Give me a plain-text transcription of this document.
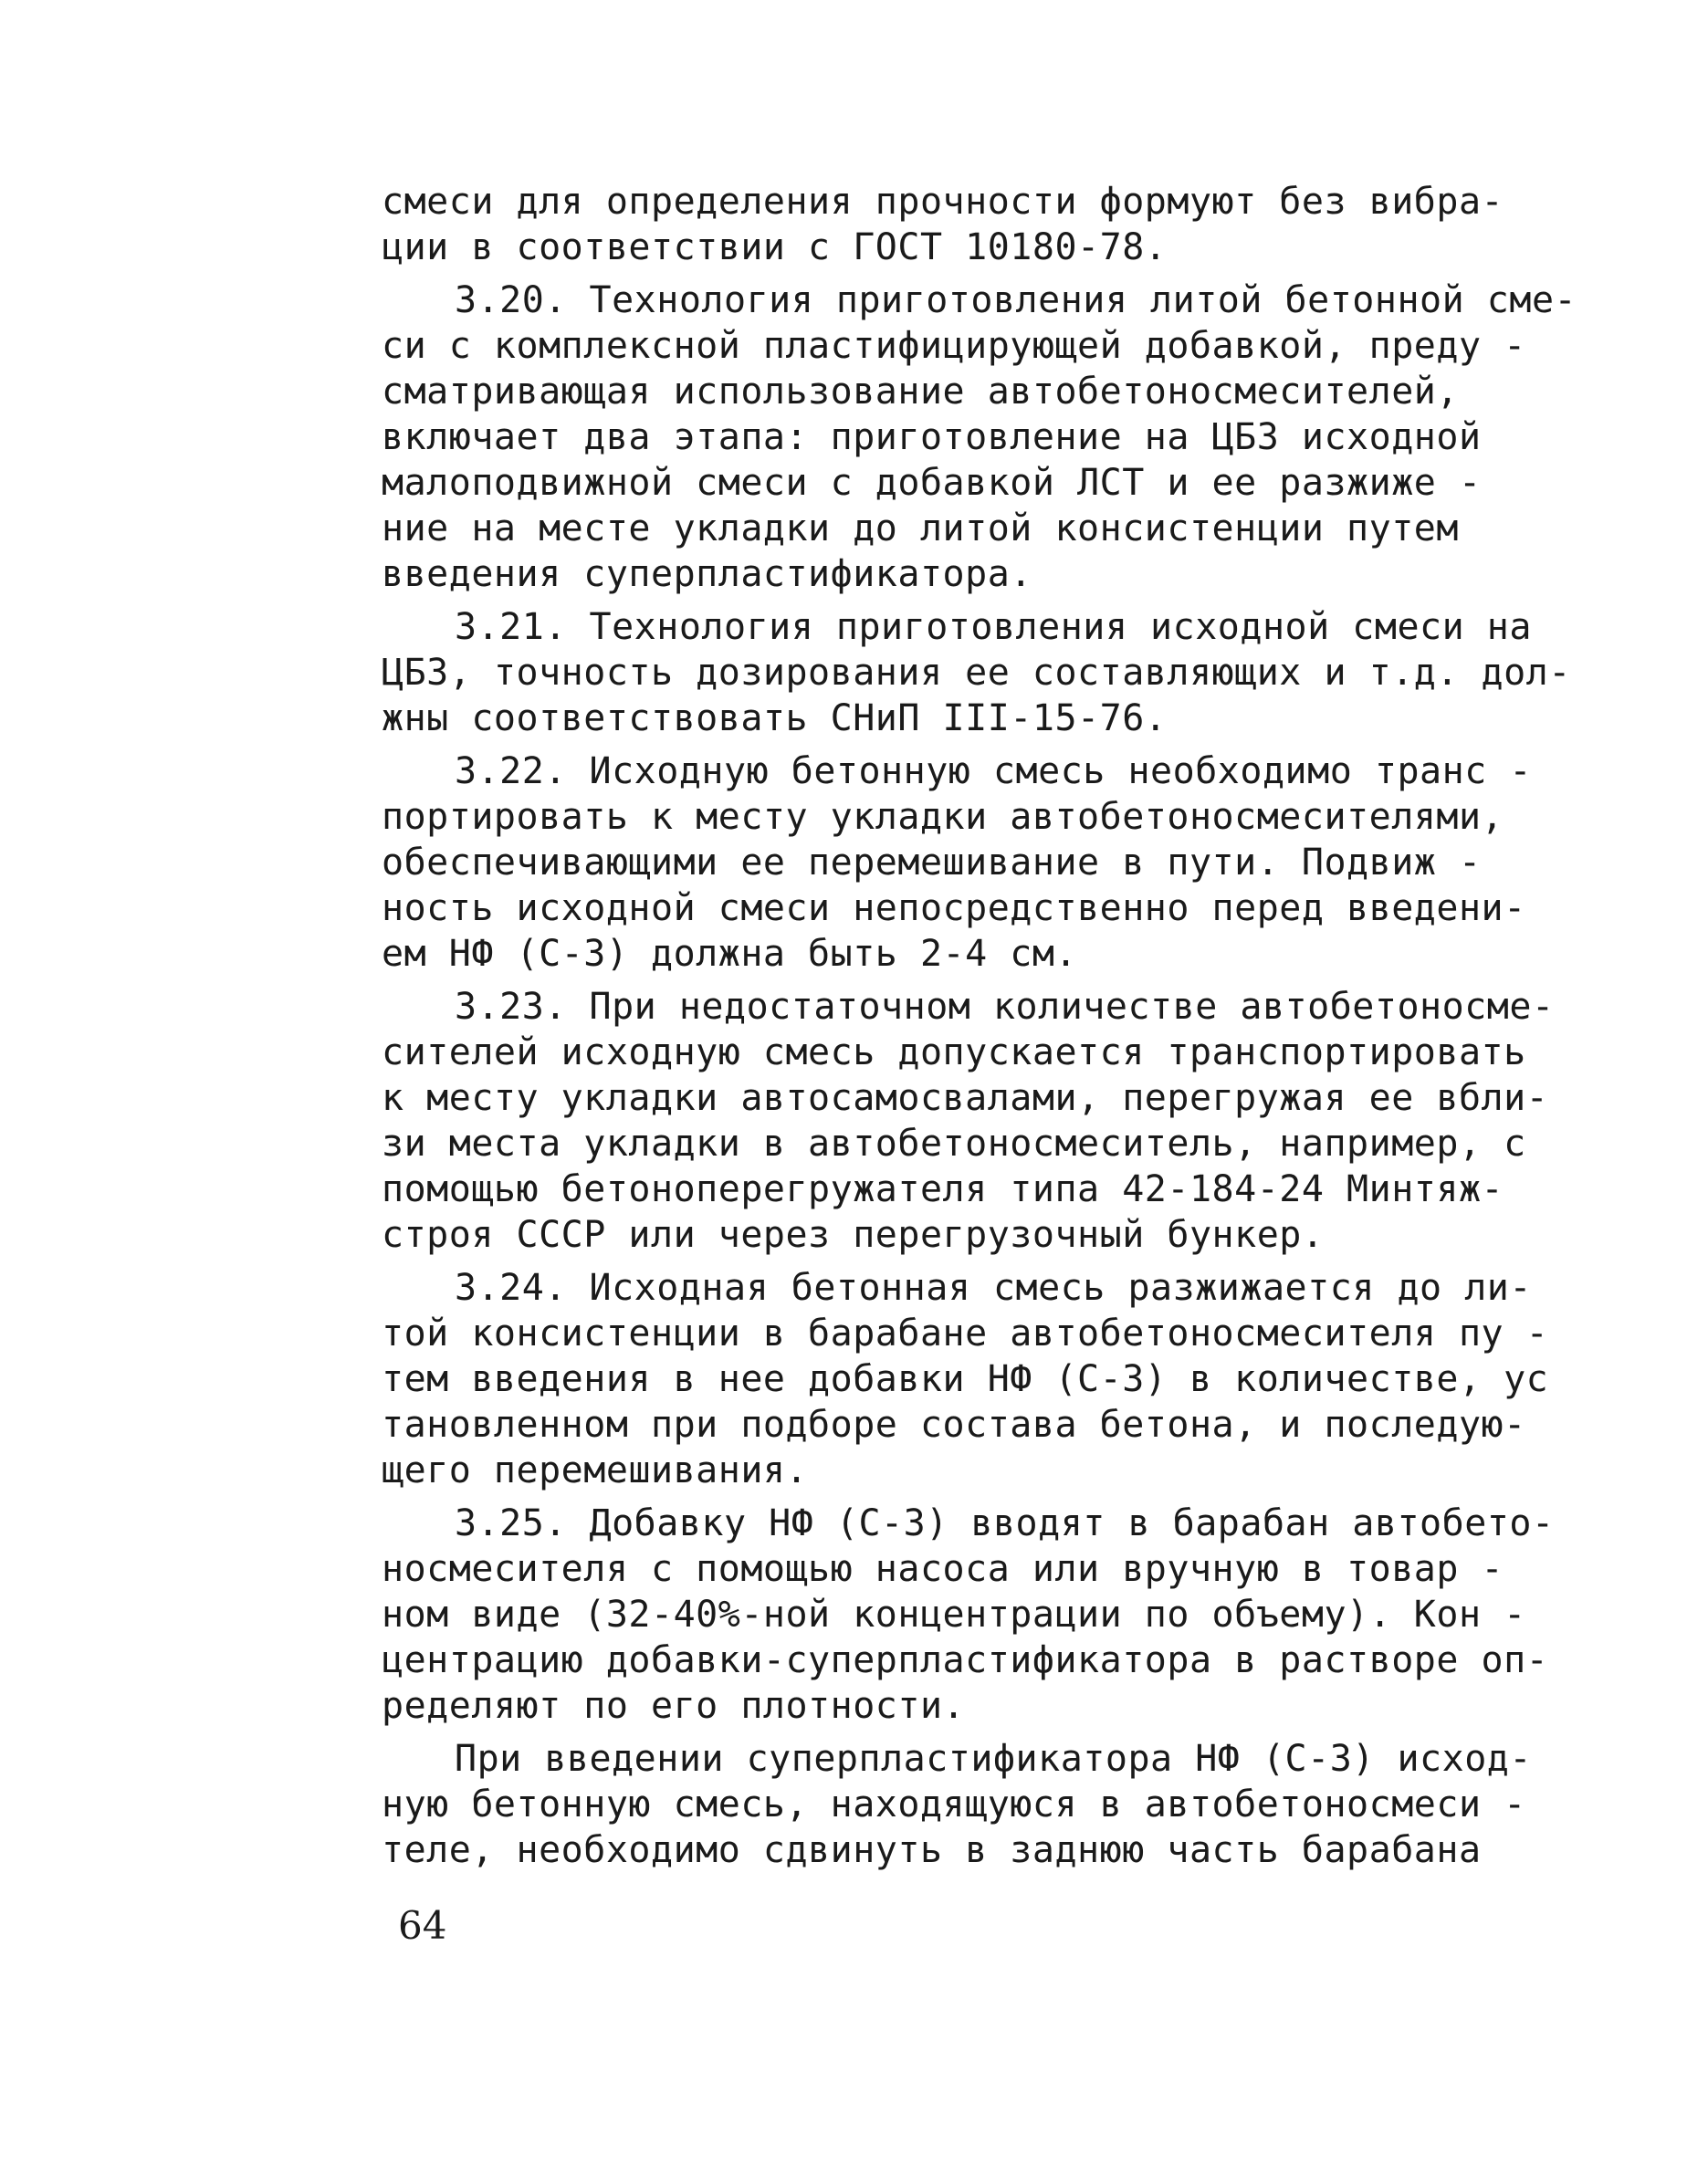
смеси для определения прочности формуют без вибра-
ции в соответствии с ГОСТ 10180-78.
3.20. Технология приготовления литой бетонной сме-
си с комплексной пластифицирующей добавкой, преду -
сматривающая использование автобетоносмесителей,
включает два этапа: приготовление на ЦБЗ исходной
малоподвижной смеси с добавкой ЛСТ и ее разжиже -
ние на месте укладки до литой консистенции путем
введения суперпластификатора.
3.21. Технология приготовления исходной смеси на
ЦБЗ, точность дозирования ее составляющих и т.д. дол-
жны соответствовать СНиП III-15-76.
3.22. Исходную бетонную смесь необходимо транс -
портировать к месту укладки автобетоносмесителями,
обеспечивающими ее перемешивание в пути. Подвиж -
ность исходной смеси непосредственно перед введени-
ем НФ (С-3) должна быть 2-4 см.
3.23. При недостаточном количестве автобетоносме-
сителей исходную смесь допускается транспортировать
к месту укладки автосамосвалами, перегружая ее вбли-
зи места укладки в автобетоносмеситель, например, с
помощью бетоноперегружателя типа 42-184-24 Минтяж-
строя СССР или через перегрузочный бункер.
3.24. Исходная бетонная смесь разжижается до ли-
той консистенции в барабане автобетоносмесителя пу -
тем введения в нее добавки НФ (С-3) в количестве, ус
тановленном при подборе состава бетона, и последую-
щего перемешивания.
3.25. Добавку НФ (С-3) вводят в барабан автобето-
носмесителя с помощью насоса или вручную в товар -
ном виде (32-40%-ной концентрации по объему). Кон -
центрацию добавки-суперпластификатора в растворе оп-
ределяют по его плотности.
При введении суперпластификатора НФ (С-3) исход-
ную бетонную смесь, находящуюся в автобетоносмеси -
теле, необходимо сдвинуть в заднюю часть барабана
64
